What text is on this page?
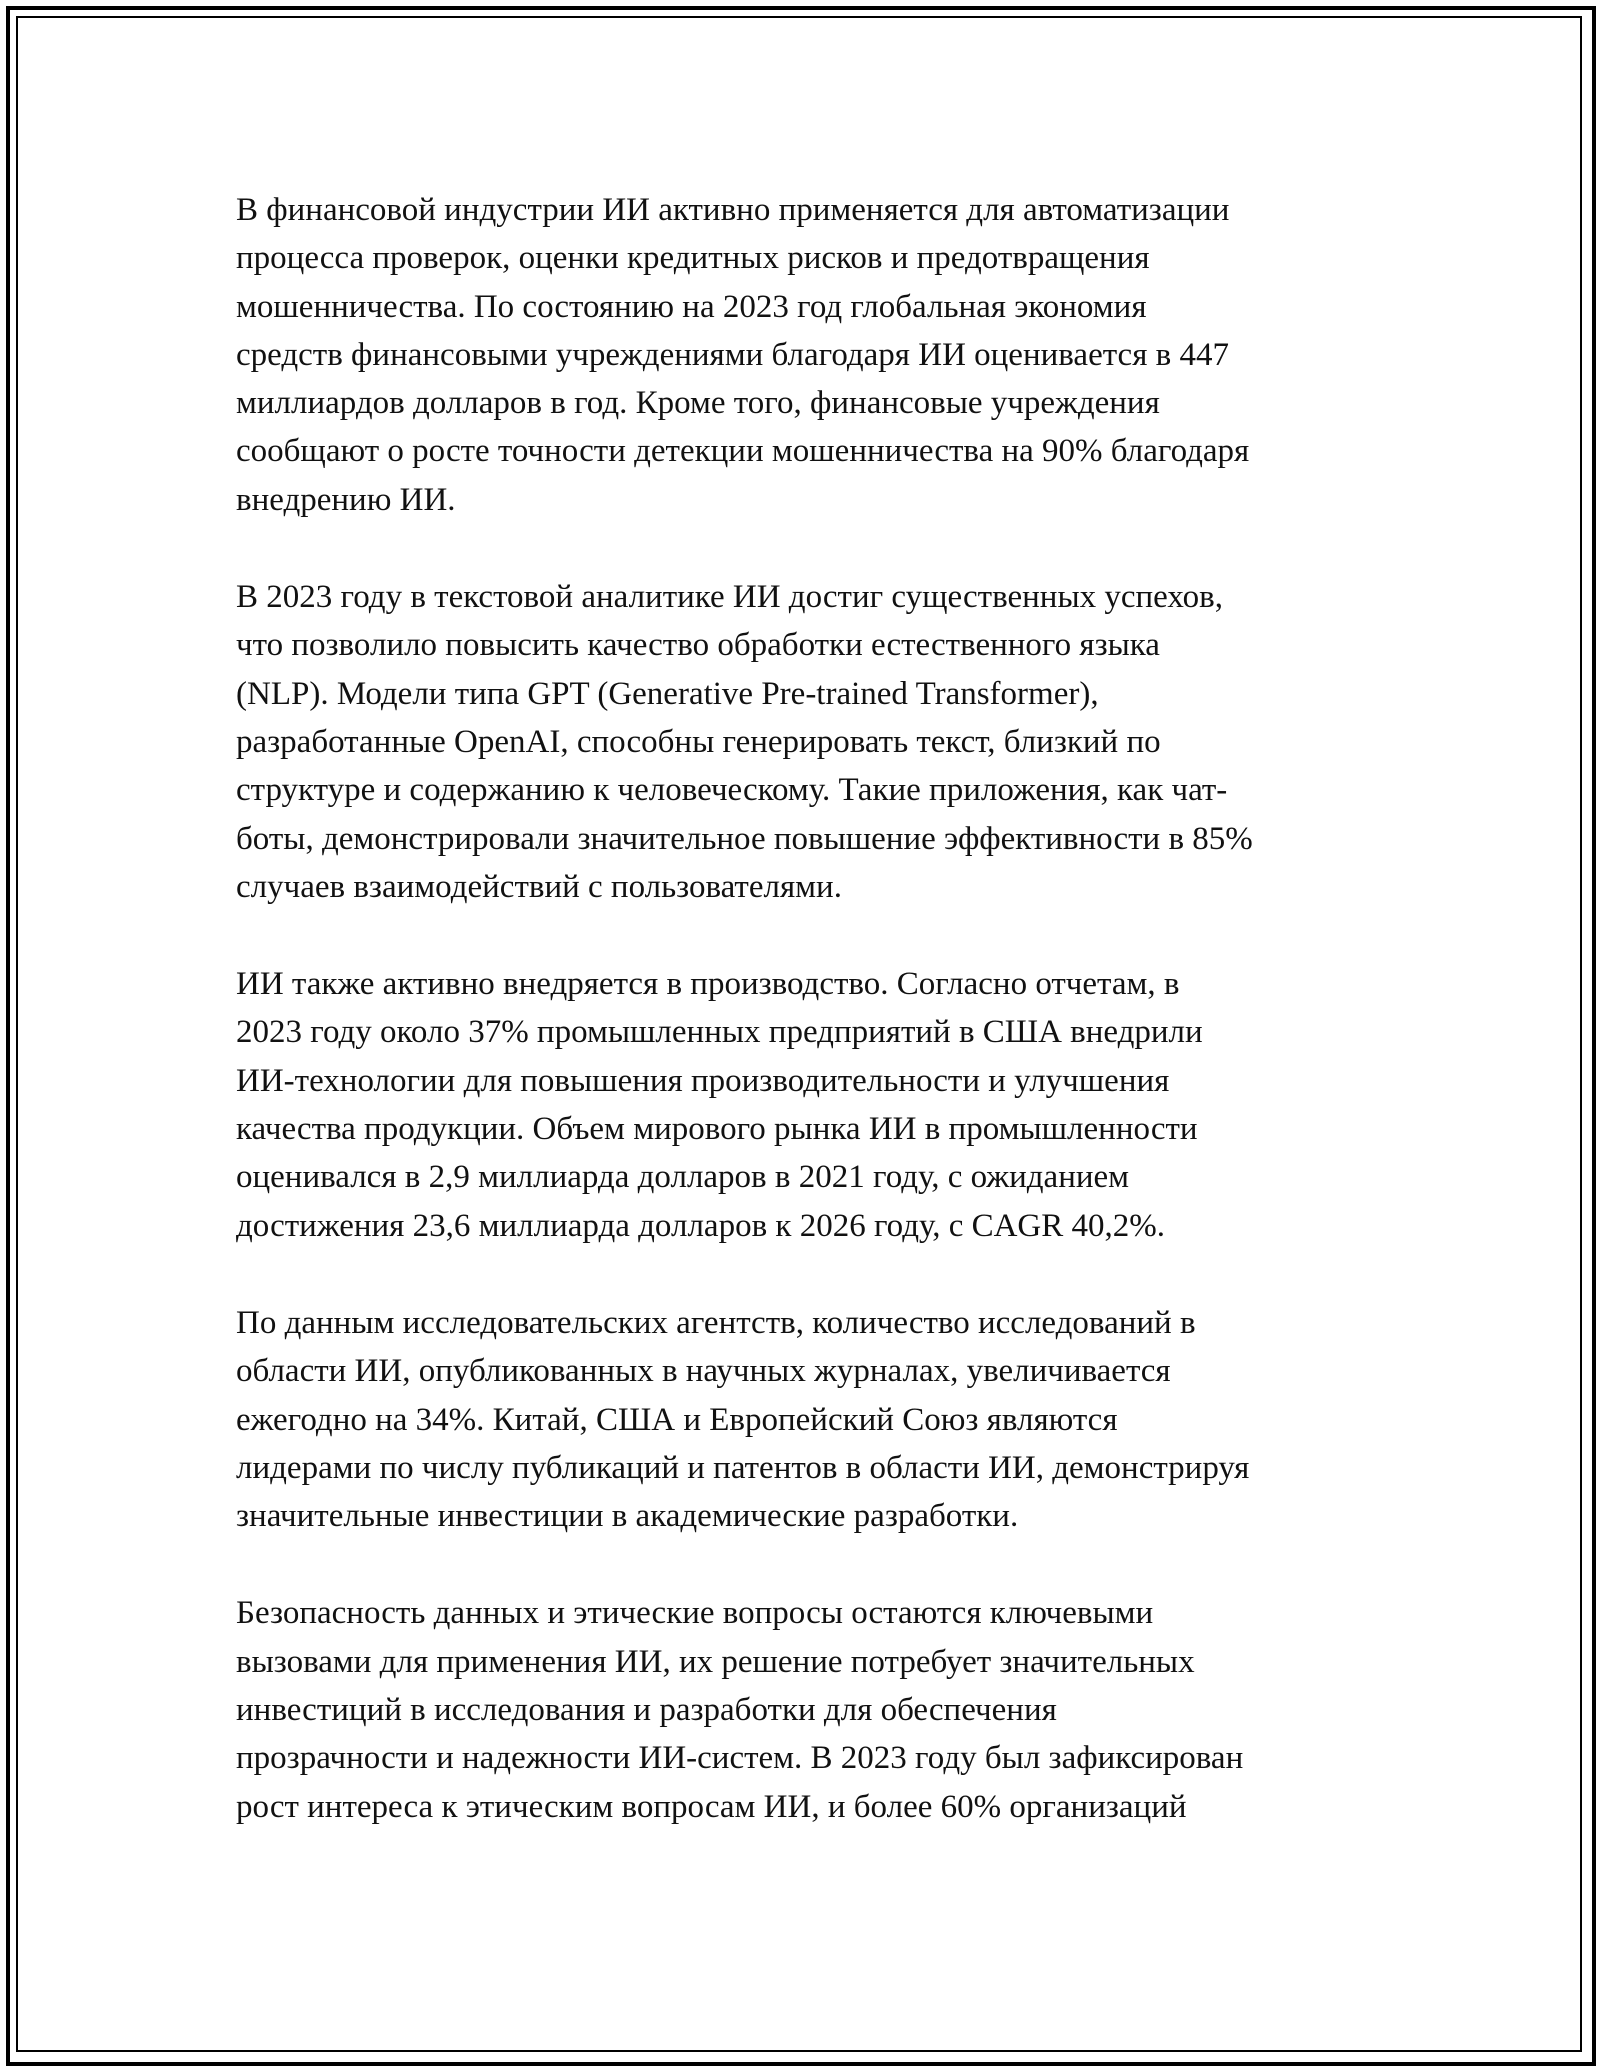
В финансовой индустрии ИИ активно применяется для автоматизации
процесса проверок, оценки кредитных рисков и предотвращения
мошенничества. По состоянию на 2023 год глобальная экономия
средств финансовыми учреждениями благодаря ИИ оценивается в 447
миллиардов долларов в год. Кроме того, финансовые учреждения
сообщают о росте точности детекции мошенничества на 90% благодаря
внедрению ИИ.

В 2023 году в текстовой аналитике ИИ достиг существенных успехов,
что позволило повысить качество обработки естественного языка
(NLP). Модели типа GPT (Generative Pre-trained Transformer),
разработанные OpenAI, способны генерировать текст, близкий по
структуре и содержанию к человеческому. Такие приложения, как чат-
боты, демонстрировали значительное повышение эффективности в 85%
случаев взаимодействий с пользователями.

ИИ также активно внедряется в производство. Согласно отчетам, в
2023 году около 37% промышленных предприятий в США внедрили
ИИ-технологии для повышения производительности и улучшения
качества продукции. Объем мирового рынка ИИ в промышленности
оценивался в 2,9 миллиарда долларов в 2021 году, с ожиданием
достижения 23,6 миллиарда долларов к 2026 году, с CAGR 40,2%.

По данным исследовательских агентств, количество исследований в
области ИИ, опубликованных в научных журналах, увеличивается
ежегодно на 34%. Китай, США и Европейский Союз являются
лидерами по числу публикаций и патентов в области ИИ, демонстрируя
значительные инвестиции в академические разработки.

Безопасность данных и этические вопросы остаются ключевыми
вызовами для применения ИИ, их решение потребует значительных
инвестиций в исследования и разработки для обеспечения
прозрачности и надежности ИИ-систем. В 2023 году был зафиксирован
рост интереса к этическим вопросам ИИ, и более 60% организаций
